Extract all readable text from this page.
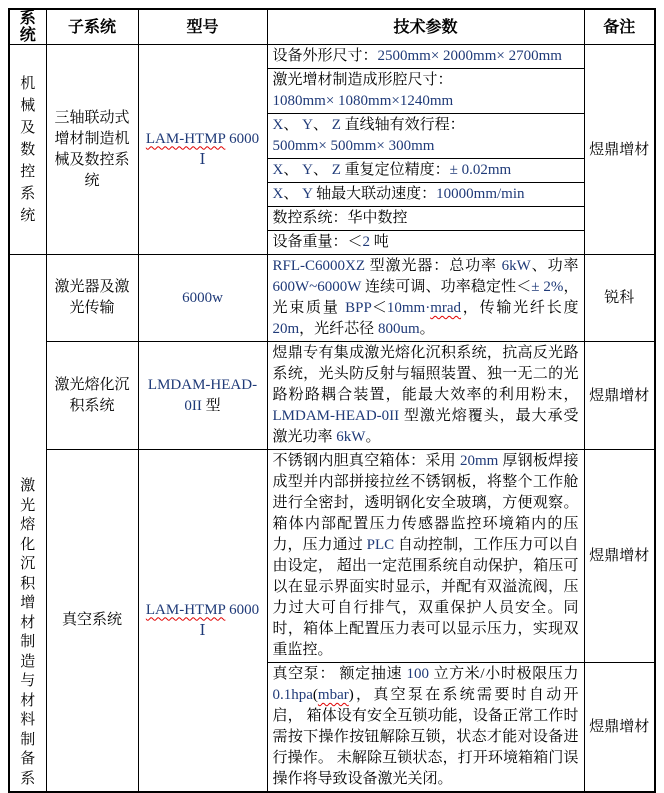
系统	子系统	型号	技术参数	备注

机械及数控系统	三轴联动式增材制造机械及数控系统	LAM-HTMP 6000 Ⅰ	设备外形尺寸：2500mm× 2000mm× 2700mm	煜鼎增材
			激光增材制造成形腔尺寸：
1080mm× 1080mm×1240mm	
			X、 Y、 Z 直线轴有效行程：
500mm× 500mm× 300mm	
			X、 Y、 Z 重复定位精度：± 0.02mm	
			X、 Y 轴最大联动速度：10000mm/min	
			数控系统：华中数控	
			设备重量：＜2 吨	

激光熔化沉积增材制造与材料制备系	激光器及激光传输	6000w	RFL-C6000XZ 型激光器：总功率 6kW、功率 600W~6000W 连续可调、功率稳定性＜± 2%，光束质量 BPP＜10mm·mrad，传输光纤长度 20m，光纤芯径 800um。	锐科
	激光熔化沉积系统	LMDAM-HEAD-0II 型	煜鼎专有集成激光熔化沉积系统，抗高反光路系统，光头防反射与辐照装置、独一无二的光路粉路耦合装置，能最大效率的利用粉末，LMDAM-HEAD-0II 型激光熔覆头，最大承受激光功率 6kW。	煜鼎增材
	真空系统	LAM-HTMP 6000 Ⅰ	不锈钢内胆真空箱体：采用 20mm 厚钢板焊接成型并内部拼接拉丝不锈钢板，将整个工作舱进行全密封，透明钢化安全玻璃，方便观察。箱体内部配置压力传感器监控环境箱内的压力，压力通过 PLC 自动控制，工作压力可以自由设定， 超出一定范围系统自动保护，箱压可以在显示界面实时显示，并配有双溢流阀，压力过大可自行排气，双重保护人员安全。同时，箱体上配置压力表可以显示压力，实现双重监控。	煜鼎增材
			真空泵： 额定抽速 100 立方米/小时极限压力 0.1hpa(mbar)，真空泵在系统需要时自动开启， 箱体设有安全互锁功能，设备正常工作时需按下操作按钮解除互锁，状态才能对设备进行操作。 未解除互锁状态，打开环境箱箱门误操作将导致设备激光关闭。	煜鼎增材
